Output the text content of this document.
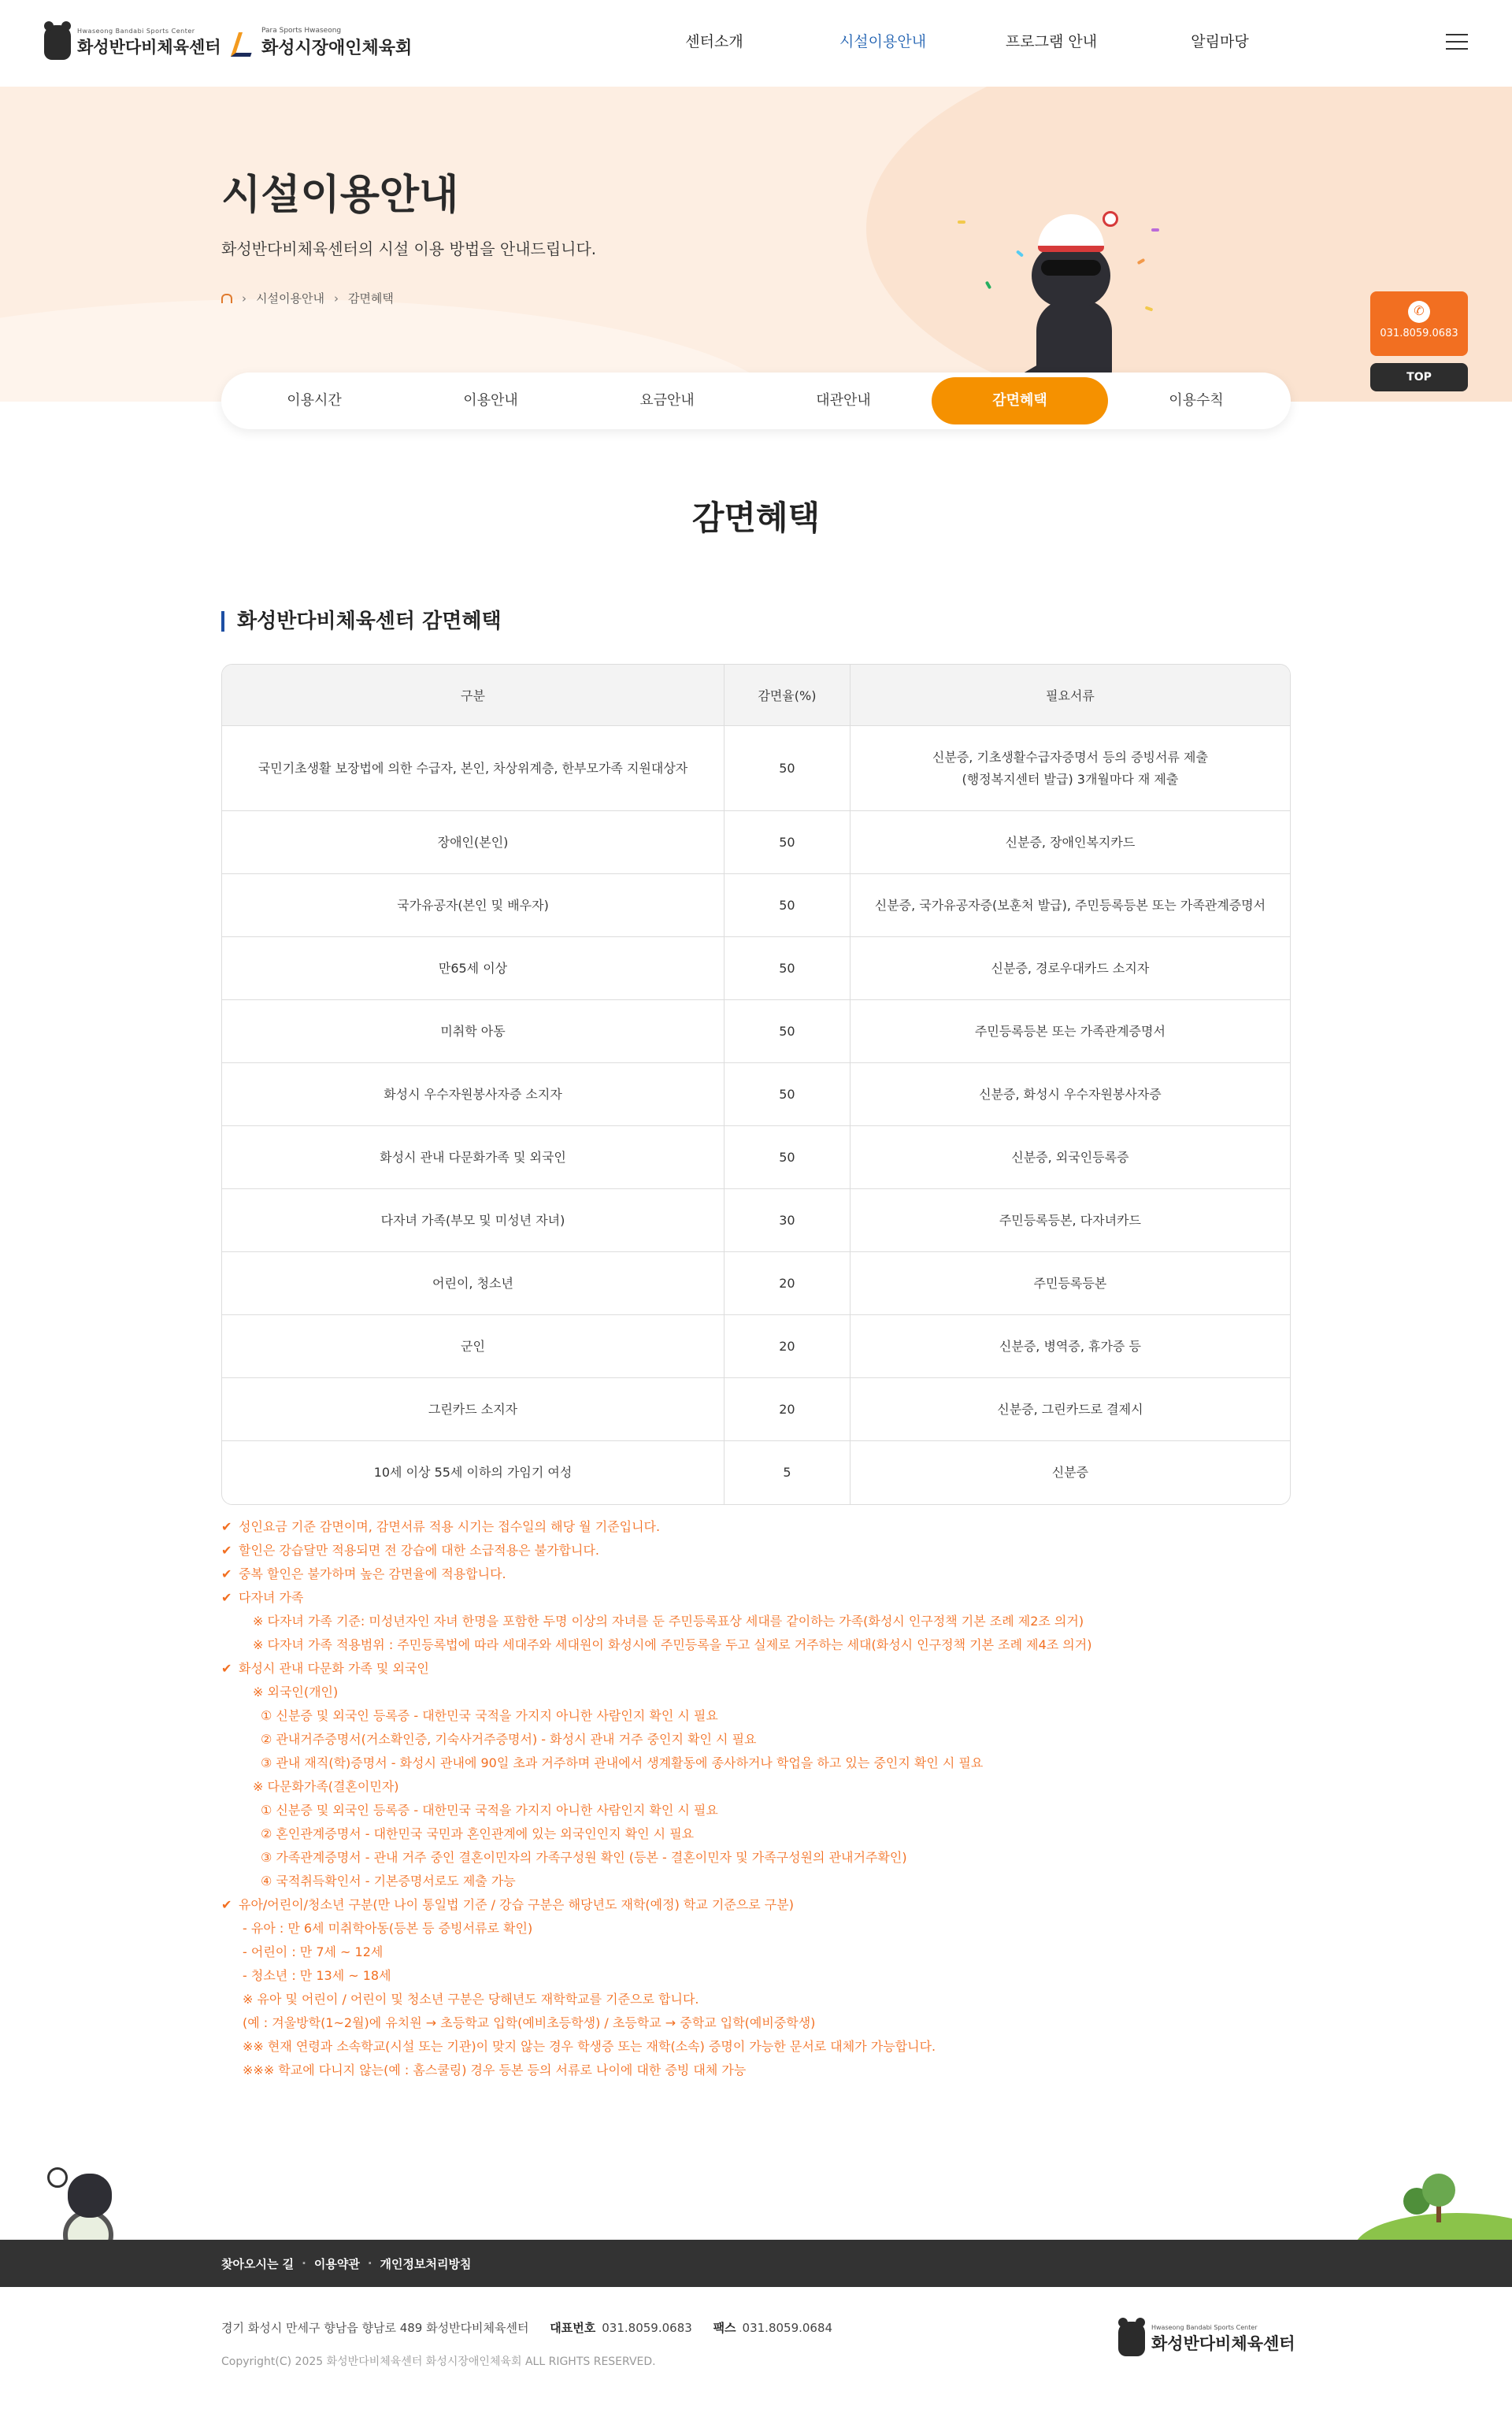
Hwaseong Bandabi Sports Center
화성반다비체육센터
Para Sports Hwaseong
화성시장애인체육회	센터소개	시설이용안내	프로그램 안내	알림마당
시설이용안내

화성반다비체육센터의 시설 이용 방법을 안내드립니다.

› 시설이용안내 › 감면혜택
✆
031.8059.0683
TOP
이용시간	이용안내	요금안내	대관안내	감면혜택	이용수칙
감면혜택
화성반다비체육센터 감면혜택
구분	감면율(%)	필요서류
국민기초생활 보장법에 의한 수급자, 본인, 차상위계층, 한부모가족 지원대상자	50	신분증, 기초생활수급자증명서 등의 증빙서류 제출
(행정복지센터 발급) 3개월마다 재 제출

장애인(본인)	50	신분증, 장애인복지카드

국가유공자(본인 및 배우자)	50	신분증, 국가유공자증(보훈처 발급), 주민등록등본 또는 가족관계증명서

만65세 이상	50	신분증, 경로우대카드 소지자

미취학 아동	50	주민등록등본 또는 가족관계증명서

화성시 우수자원봉사자증 소지자	50	신분증, 화성시 우수자원봉사자증

화성시 관내 다문화가족 및 외국인	50	신분증, 외국인등록증

다자녀 가족(부모 및 미성년 자녀)	30	주민등록등본, 다자녀카드

어린이, 청소년	20	주민등록등본

군인	20	신분증, 병역증, 휴가증 등

그린카드 소지자	20	신분증, 그린카드로 결제시

10세 이상 55세 이하의 가임기 여성	5	신분증
✔ 성인요금 기준 감면이며, 감면서류 적용 시기는 접수일의 해당 월 기준입니다.
✔ 할인은 강습달만 적용되면 전 강습에 대한 소급적용은 불가합니다.
✔ 중복 할인은 불가하며 높은 감면율에 적용합니다.
✔ 다자녀 가족
※ 다자녀 가족 기준: 미성년자인 자녀 한명을 포함한 두명 이상의 자녀를 둔 주민등록표상 세대를 같이하는 가족(화성시 인구정책 기본 조례 제2조 의거)
※ 다자녀 가족 적용범위 : 주민등록법에 따라 세대주와 세대원이 화성시에 주민등록을 두고 실제로 거주하는 세대(화성시 인구정책 기본 조례 제4조 의거)
✔ 화성시 관내 다문화 가족 및 외국인
※ 외국인(개인)
① 신분증 및 외국인 등록증 - 대한민국 국적을 가지지 아니한 사람인지 확인 시 필요
② 관내거주증명서(거소확인증, 기숙사거주증명서) - 화성시 관내 거주 중인지 확인 시 필요
③ 관내 재직(학)증명서 - 화성시 관내에 90일 초과 거주하며 관내에서 생계활동에 종사하거나 학업을 하고 있는 중인지 확인 시 필요
※ 다문화가족(결혼이민자)
① 신분증 및 외국인 등록증 - 대한민국 국적을 가지지 아니한 사람인지 확인 시 필요
② 혼인관계증명서 - 대한민국 국민과 혼인관계에 있는 외국인인지 확인 시 필요
③ 가족관계증명서 - 관내 거주 중인 결혼이민자의 가족구성원 확인 (등본 - 결혼이민자 및 가족구성원의 관내거주확인)
④ 국적취득확인서 - 기본증명서로도 제출 가능
✔ 유아/어린이/청소년 구분(만 나이 통일법 기준 / 강습 구분은 해당년도 재학(예정) 학교 기준으로 구분)
- 유아 : 만 6세 미취학아동(등본 등 증빙서류로 확인)
- 어린이 : 만 7세 ~ 12세
- 청소년 : 만 13세 ~ 18세
※ 유아 및 어린이 / 어린이 및 청소년 구분은 당해년도 재학학교를 기준으로 합니다.
(예 : 겨울방학(1~2월)에 유치원 → 초등학교 입학(예비초등학생) / 초등학교 → 중학교 입학(예비중학생)
※※ 현재 연령과 소속학교(시설 또는 기관)이 맞지 않는 경우 학생증 또는 재학(소속) 증명이 가능한 문서로 대체가 가능합니다.
※※※ 학교에 다니지 않는(예 : 홈스쿨링) 경우 등본 등의 서류로 나이에 대한 증빙 대체 가능
찾아오시는 길 · 이용약관 · 개인정보처리방침
경기 화성시 만세구 향남읍 향남로 489 화성반다비체육센터 대표번호 031.8059.0683 팩스 031.8059.0684
Copyright(C) 2025 화성반다비체육센터 화성시장애인체육회 ALL RIGHTS RESERVED.
Hwaseong Bandabi Sports Center
화성반다비체육센터
